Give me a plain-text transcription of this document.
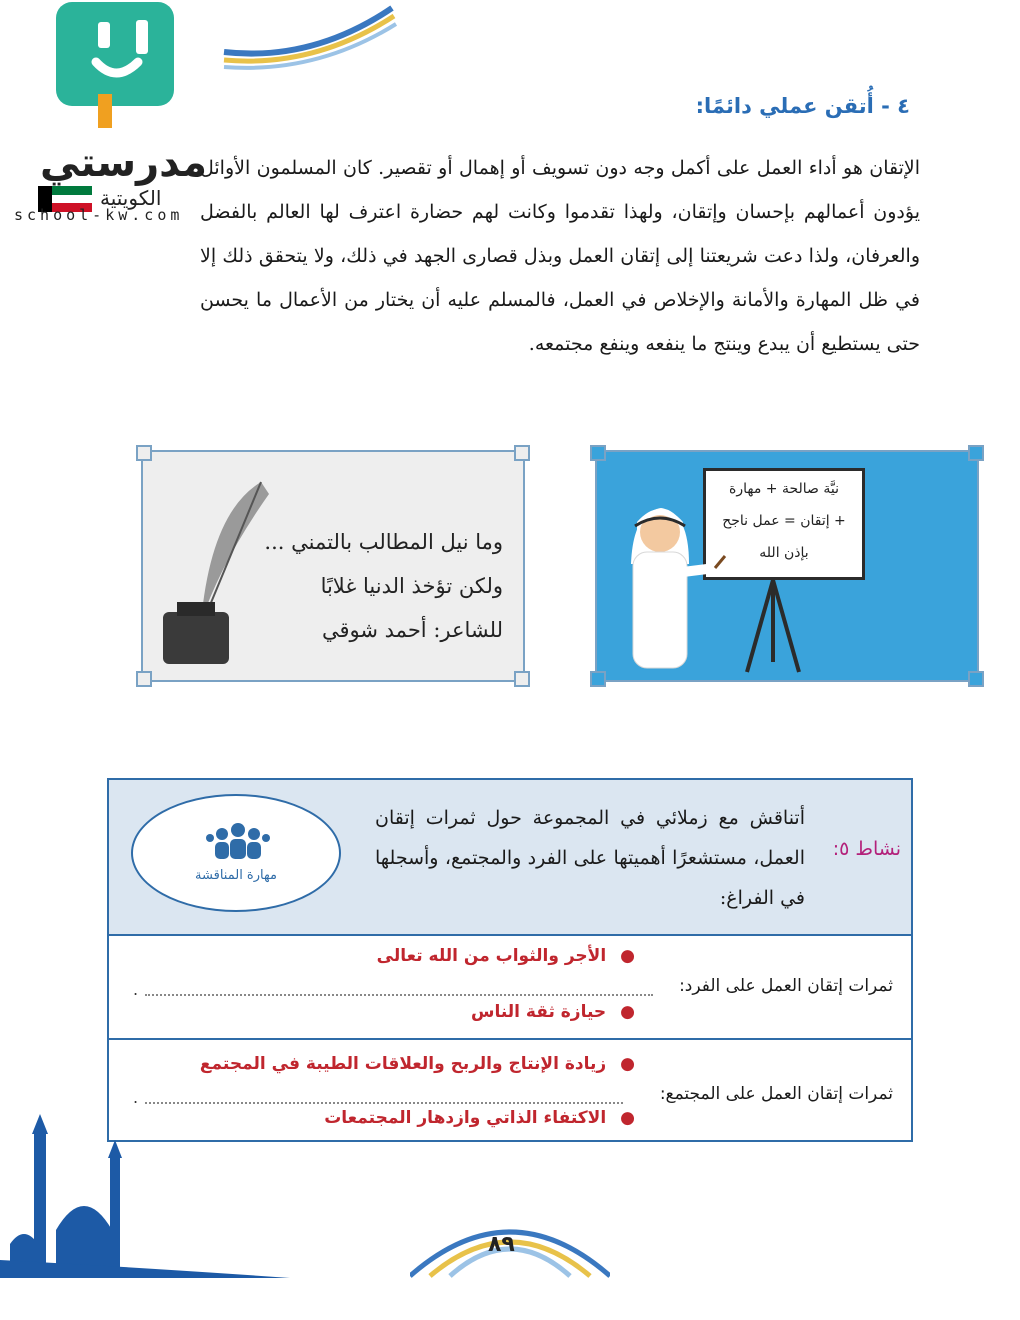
مدرستي
الكويتية
school-kw.com
٤ - أُتقن عملي دائمًا:
الإتقان هو أداء العمل على أكمل وجه دون تسويف أو إهمال أو تقصير. كان المسلمون الأوائل يؤدون أعمالهم بإحسان وإتقان، ولهذا تقدموا وكانت لهم حضارة اعترف لها العالم بالفضل والعرفان، ولذا دعت شريعتنا إلى إتقان العمل وبذل قصارى الجهد في ذلك، ولا يتحقق ذلك إلا في ظل المهارة والأمانة والإخلاص في العمل، فالمسلم عليه أن يختار من الأعمال ما يحسن حتى يستطيع أن يبدع وينتج ما ينفعه وينفع مجتمعه.
وما نيل المطالب بالتمني ...
ولكن تؤخذ الدنيا غلابًا
للشاعر: أحمد شوقي
نيَّة صالحة + مهارة
+ إتقان = عمل ناجح
بإذن الله
نشاط ٥:
أتناقش مع زملائي في المجموعة حول ثمرات إتقان العمل، مستشعرًا أهميتها على الفرد والمجتمع، وأسجلها في الفراغ:
مهارة المناقشة
ثمرات إتقان العمل على الفرد:
.
●الأجر والثواب من الله تعالى
●حيازة ثقة الناس
ثمرات إتقان العمل على المجتمع:
.
●زيادة الإنتاج والربح والعلاقات الطيبة في المجتمع
●الاكتفاء الذاتي وازدهار المجتمعات
٨٩
